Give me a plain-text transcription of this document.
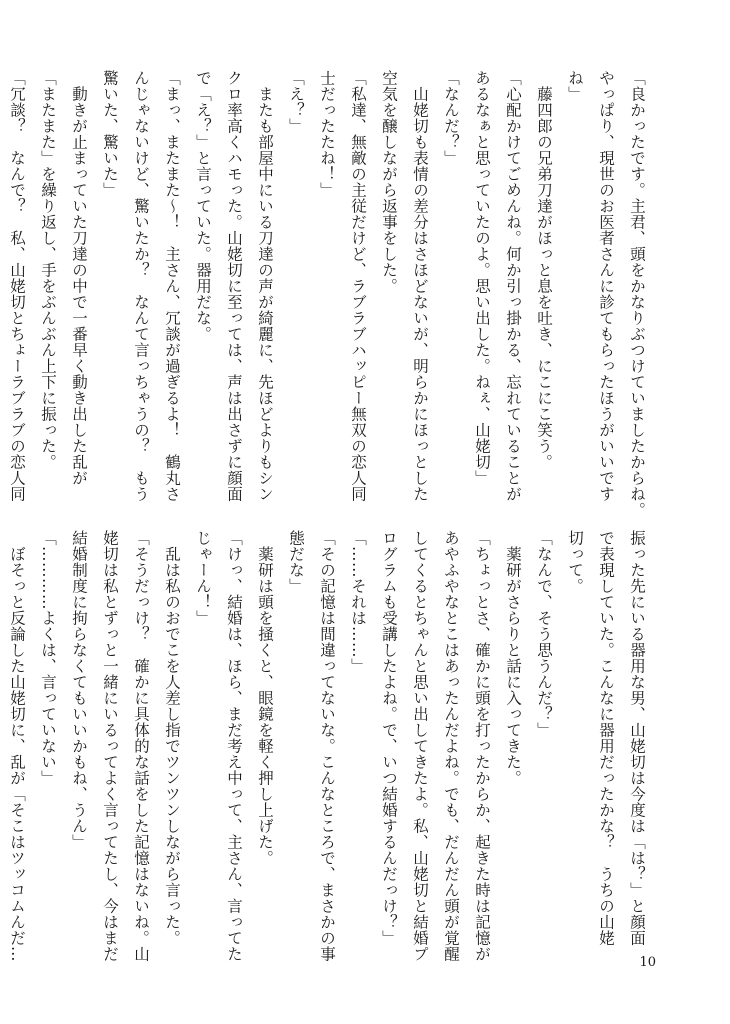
「良かったです。主君、頭をかなりぶつけていましたからね。

やっぱり、現世のお医者さんに診てもらったほうがいいです

ね」

　藤四郎の兄弟刀達がほっと息を吐き、にこにこ笑う。

「心配かけてごめんね。何か引っ掛かる、忘れていることが

あるなぁと思っていたのよ。思い出した。ねぇ、山姥切」

「なんだ？」

　山姥切も表情の差分はさほどないが、明らかにほっとした

空気を醸しながら返事をした。

「私達、無敵の主従だけど、ラブラブハッピー無双の恋人同

士だったたね！」

「え？」

　またも部屋中にいる刀達の声が綺麗に、先ほどよりもシン

クロ率高くハモった。山姥切に至っては、声は出さずに顔面

で「え？」と言っていた。器用だな。

「まっ、またまた～！　主さん、冗談が過ぎるよ！　鶴丸さ

んじゃないけど、驚いたか？　なんて言っちゃうの？　もう

驚いた、驚いた」

　動きが止まっていた刀達の中で一番早く動き出した乱が

「またまた」を繰り返し、手をぶんぶん上下に振った。

「冗談？　なんで？　私、山姥切とちょーラブラブの恋人同

振った先にいる器用な男、山姥切は今度は「は？」と顔面

で表現していた。こんなに器用だったかな？　うちの山姥

切って。

「なんで、そう思うんだ？」

　薬研がさらりと話に入ってきた。

「ちょっとさ、確かに頭を打ったからか、起きた時は記憶が

あやふやなとこはあったんだよね。でも、だんだん頭が覚醒

してくるとちゃんと思い出してきたよ。私、山姥切と結婚プ

ログラムも受講したよね。で、いつ結婚するんだっけ？」

「……それは……」

「その記憶は間違ってないな。こんなところで、まさかの事

態だな」

　薬研は頭を掻くと、眼鏡を軽く押し上げた。

「けっ、結婚は、ほら、まだ考え中って、主さん、言ってた

じゃーん！」

　乱は私のおでこを人差し指でツンツンしながら言った。

「そうだっけ？　確かに具体的な話をした記憶はないね。山

姥切は私とずっと一緒にいるってよく言ってたし、今はまだ

結婚制度に拘らなくてもいいかもね、うん」

「…………よくは、言っていない」

　ぼそっと反論した山姥切に、乱が「そこはツッコムんだ…

10
